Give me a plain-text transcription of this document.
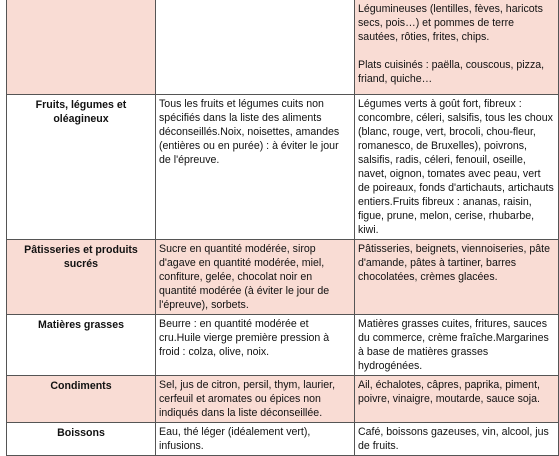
		Légumineuses (lentilles, fèves, haricots secs, pois…) et pommes de terre sautées, rôties, frites, chips.
Plats cuisinés : paëlla, couscous, pizza, friand, quiche…

Fruits, légumes et oléagineux	Tous les fruits et légumes cuits non spécifiés dans la liste des aliments déconseillés.Noix, noisettes, amandes (entières ou en purée) : à éviter le jour de l'épreuve.	Légumes verts à goût fort, fibreux : concombre, céleri, salsifis, tous les choux (blanc, rouge, vert, brocoli, chou-fleur, romanesco, de Bruxelles), poivrons, salsifis, radis, céleri, fenouil, oseille, navet, oignon, tomates avec peau, vert de poireaux, fonds d'artichauts, artichauts entiers.Fruits fibreux : ananas, raisin, figue, prune, melon, cerise, rhubarbe, kiwi.

Pâtisseries et produits sucrés	Sucre en quantité modérée, sirop d'agave en quantité modérée, miel, confiture, gelée, chocolat noir en quantité modérée (à éviter le jour de l'épreuve), sorbets.	Pâtisseries, beignets, viennoiseries, pâte d'amande, pâtes à tartiner, barres chocolatées, crèmes glacées.

Matières grasses	Beurre : en quantité modérée et cru.Huile vierge première pression à froid : colza, olive, noix.	Matières grasses cuites, fritures, sauces du commerce, crème fraîche.Margarines à base de matières grasses hydrogénées.

Condiments	Sel, jus de citron, persil, thym, laurier, cerfeuil et aromates ou épices non indiqués dans la liste déconseillée.	Ail, échalotes, câpres, paprika, piment, poivre, vinaigre, moutarde, sauce soja.

Boissons	Eau, thé léger (idéalement vert), infusions.	Café, boissons gazeuses, vin, alcool, jus de fruits.
